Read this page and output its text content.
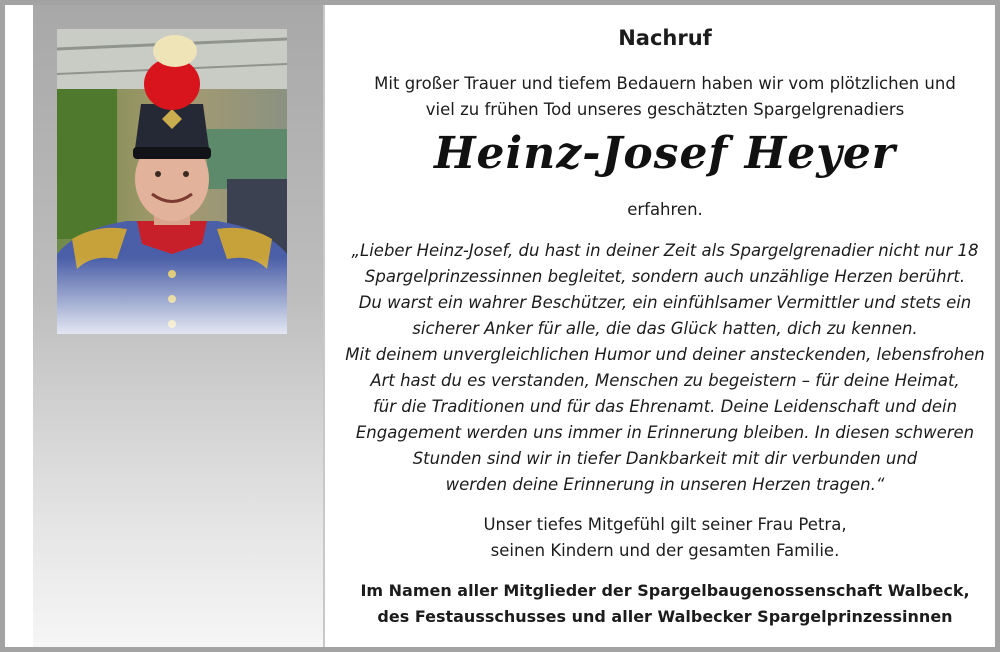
Nachruf
Mit großer Trauer und tiefem Bedauern haben wir vom plötzlichen und
viel zu frühen Tod unseres geschätzten Spargelgrenadiers
Heinz-Josef Heyer
erfahren.
„Lieber Heinz-Josef, du hast in deiner Zeit als Spargelgrenadier nicht nur 18
Spargelprinzessinnen begleitet, sondern auch unzählige Herzen berührt.
Du warst ein wahrer Beschützer, ein einfühlsamer Vermittler und stets ein
sicherer Anker für alle, die das Glück hatten, dich zu kennen.
Mit deinem unvergleichlichen Humor und deiner ansteckenden, lebensfrohen
Art hast du es verstanden, Menschen zu begeistern – für deine Heimat,
für die Traditionen und für das Ehrenamt. Deine Leidenschaft und dein
Engagement werden uns immer in Erinnerung bleiben. In diesen schweren
Stunden sind wir in tiefer Dankbarkeit mit dir verbunden und
werden deine Erinnerung in unseren Herzen tragen.“
Unser tiefes Mitgefühl gilt seiner Frau Petra,
seinen Kindern und der gesamten Familie.
Im Namen aller Mitglieder der Spargelbaugenossenschaft Walbeck,
des Festausschusses und aller Walbecker Spargelprinzessinnen
